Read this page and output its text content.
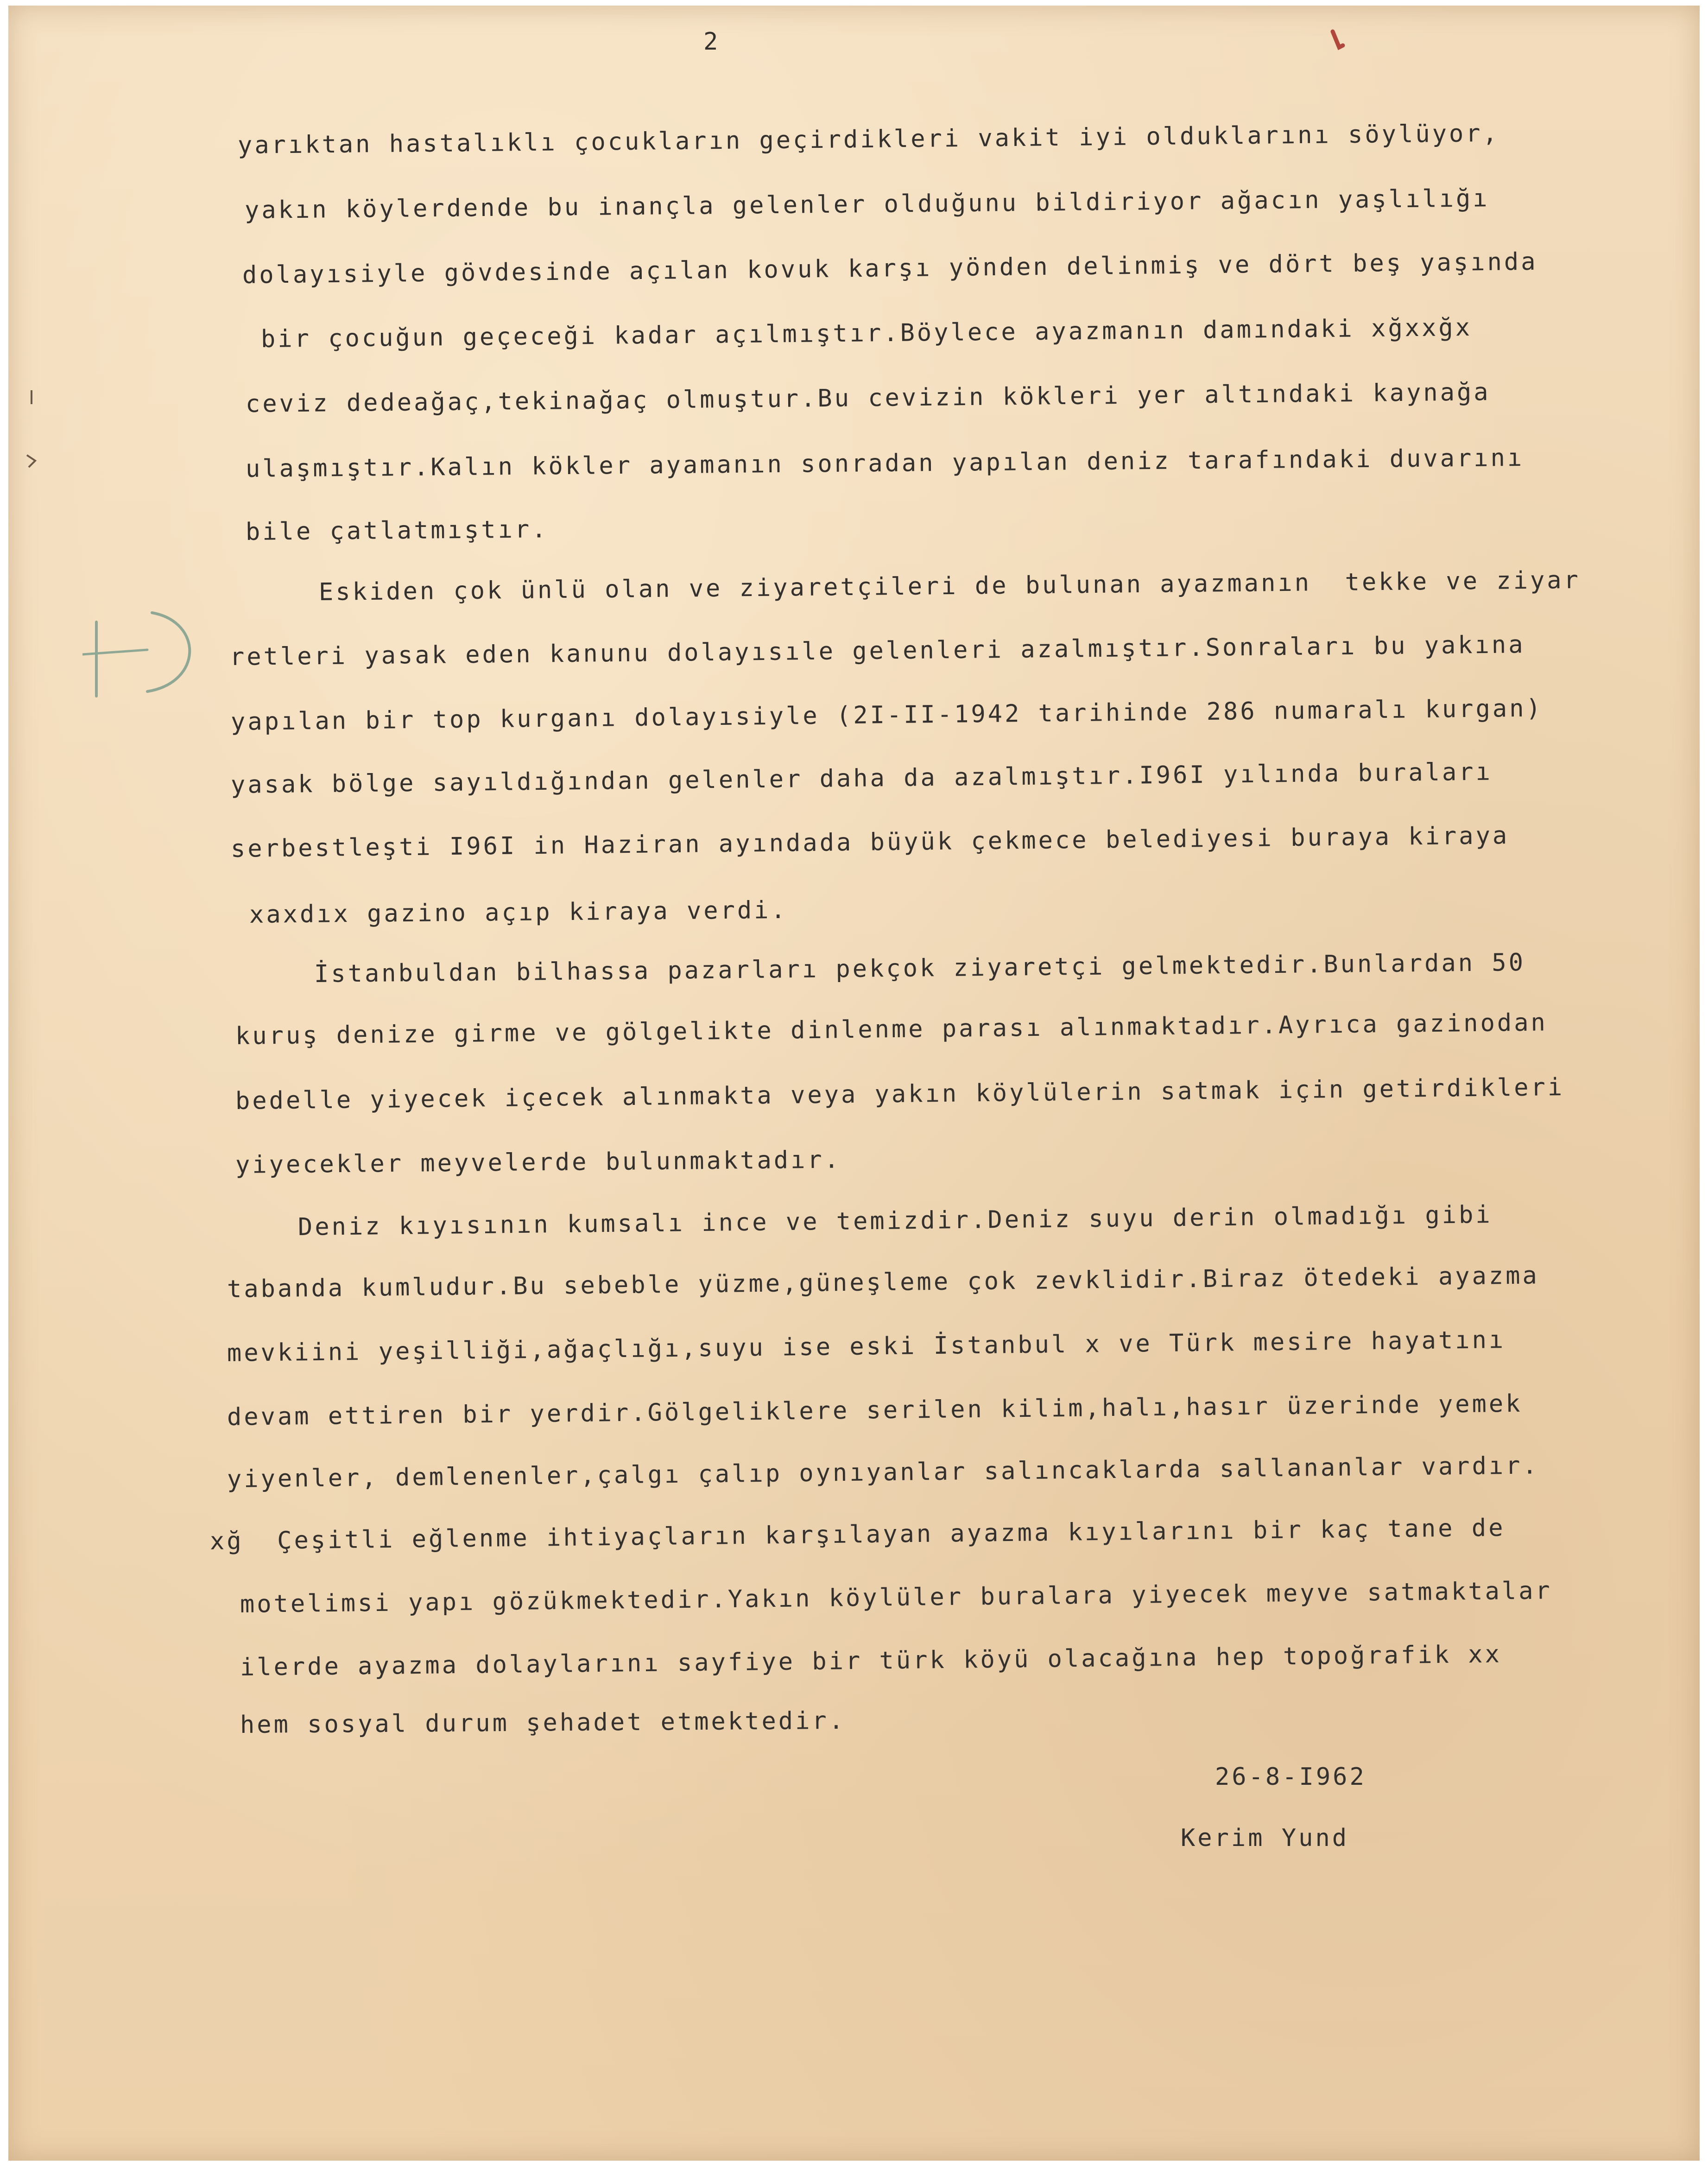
2
yarıktan hastalıklı çocukların geçirdikleri vakit iyi olduklarını söylüyor,
yakın köylerdende bu inançla gelenler olduğunu bildiriyor ağacın yaşlılığı
dolayısiyle gövdesinde açılan kovuk karşı yönden delinmiş ve dört beş yaşında
bir çocuğun geçeceği kadar açılmıştır.Böylece ayazmanın damındaki xğxxğx
ceviz dedeağaç,tekinağaç olmuştur.Bu cevizin kökleri yer altındaki kaynağa
ulaşmıştır.Kalın kökler ayamanın sonradan yapılan deniz tarafındaki duvarını
bile çatlatmıştır.
Eskiden çok ünlü olan ve ziyaretçileri de bulunan ayazmanın  tekke ve ziyar
retleri yasak eden kanunu dolayısıle gelenleri azalmıştır.Sonraları bu yakına
yapılan bir top kurganı dolayısiyle (2I-II-1942 tarihinde 286 numaralı kurgan)
yasak bölge sayıldığından gelenler daha da azalmıştır.I96I yılında buraları
serbestleşti I96I in Haziran ayındada büyük çekmece belediyesi buraya kiraya
xaxdıx gazino açıp kiraya verdi.
İstanbuldan bilhassa pazarları pekçok ziyaretçi gelmektedir.Bunlardan 50
kuruş denize girme ve gölgelikte dinlenme parası alınmaktadır.Ayrıca gazinodan
bedelle yiyecek içecek alınmakta veya yakın köylülerin satmak için getirdikleri
yiyecekler meyvelerde bulunmaktadır.
Deniz kıyısının kumsalı ince ve temizdir.Deniz suyu derin olmadığı gibi
tabanda kumludur.Bu sebeble yüzme,güneşleme çok zevklidir.Biraz ötedeki ayazma
mevkiini yeşilliği,ağaçlığı,suyu ise eski İstanbul x ve Türk mesire hayatını
devam ettiren bir yerdir.Gölgeliklere serilen kilim,halı,hasır üzerinde yemek
yiyenler, demlenenler,çalgı çalıp oynıyanlar salıncaklarda sallananlar vardır.
xğ  Çeşitli eğlenme ihtiyaçların karşılayan ayazma kıyılarını bir kaç tane de
motelimsi yapı gözükmektedir.Yakın köylüler buralara yiyecek meyve satmaktalar
ilerde ayazma dolaylarını sayfiye bir türk köyü olacağına hep topoğrafik xx
hem sosyal durum şehadet etmektedir.
26-8-I962
Kerim Yund
